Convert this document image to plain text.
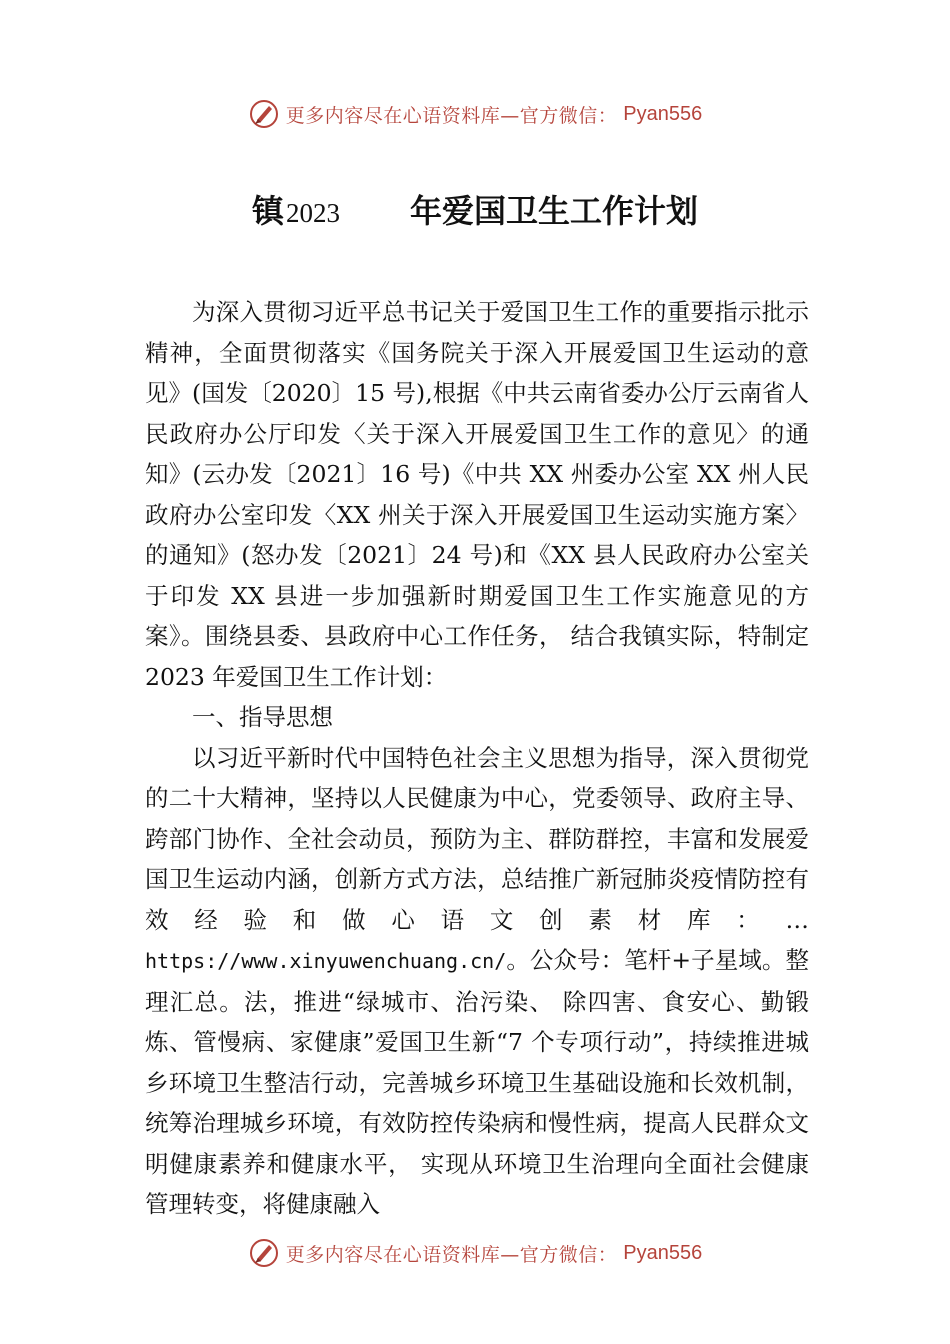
更多内容尽在心语资料库—官方微信： Pyan556
镇 2023 年爱国卫生工作计划

为深入贯彻习近平总书记关于爱国卫生工作的重要指示批示精神，全面贯彻落实《国务院关于深入开展爱国卫生运动的意见》(国发〔2020〕15 号),根据《中共云南省委办公厅云南省人民政府办公厅印发〈关于深入开展爱国卫生工作的意见〉的通知》(云办发〔2021〕16 号)《中共 XX 州委办公室 XX 州人民政府办公室印发〈XX 州关于深入开展爱国卫生运动实施方案〉的通知》(怒办发〔2021〕24 号)和《XX 县人民政府办公室关于印发 XX 县进一步加强新时期爱国卫生工作实施意见的方案》。围绕县委、县政府中心工作任务， 结合我镇实际，特制定 2023 年爱国卫生工作计划：

一、指导思想

以习近平新时代中国特色社会主义思想为指导，深入贯彻党的二十大精神，坚持以人民健康为中心，党委领导、政府主导、跨部门协作、全社会动员，预防为主、群防群控，丰富和发展爱国卫生运动内涵，创新方式方法，总结推广新冠肺炎疫情防控有效经验和做心语文创素材库：…https://www.xinyuwenchuang.cn/。公众号：笔杆+子星域。整理汇总。法，推进“绿城市、治污染、 除四害、食安心、勤锻炼、管慢病、家健康”爱国卫生新“7 个专项行动”，持续推进城乡环境卫生整洁行动，完善城乡环境卫生基础设施和长效机制，统筹治理城乡环境，有效防控传染病和慢性病，提高人民群众文明健康素养和健康水平， 实现从环境卫生治理向全面社会健康管理转变，将健康融入

更多内容尽在心语资料库—官方微信： Pyan556
